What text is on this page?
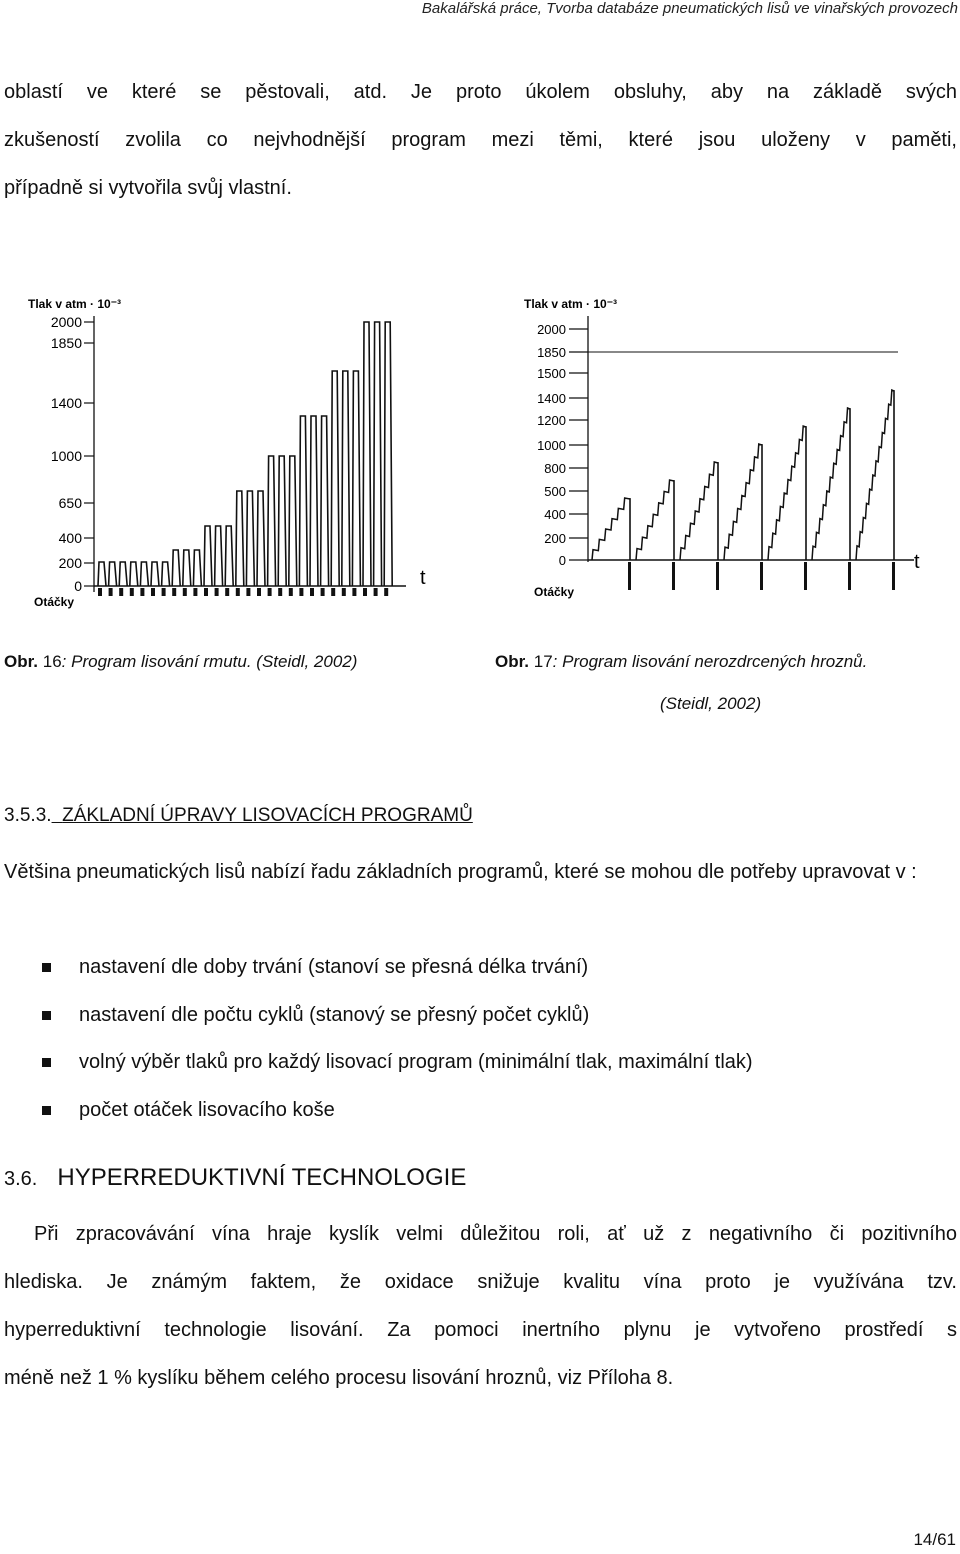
Bakalářská práce, Tvorba databáze pneumatických lisů ve vinařských provozech
oblastí ve které se pěstovali, atd. Je proto úkolem obsluhy, aby na základě svých
zkušeností zvolila co nejvhodnější program mezi těmi, které jsou uloženy v paměti,
případně si vytvořila svůj vlastní.
Tlak v atm · 10⁻³
2000
1850
1400
1000
650
400
200
0
Otáčky
t
Tlak v atm · 10⁻³
2000
1850
1500
1400
1200
1000
800
500
400
200
0
Otáčky
t
Obr. 16: Program lisování rmutu. (Steidl, 2002)	Obr. 17: Program lisování nerozdrcených hroznů.
(Steidl, 2002)
3.5.3. ZÁKLADNÍ ÚPRAVY LISOVACÍCH PROGRAMŮ
Většina pneumatických lisů nabízí řadu základních programů, které se mohou dle potřeby upravovat v :
nastavení dle doby trvání (stanoví se přesná délka trvání)
nastavení dle počtu cyklů (stanový se přesný počet cyklů)
volný výběr tlaků pro každý lisovací program (minimální tlak, maximální tlak)
počet otáček lisovacího koše
3.6. HYPERREDUKTIVNÍ TECHNOLOGIE
Při zpracovávání vína hraje kyslík velmi důležitou roli, ať už z negativního či pozitivního
hlediska. Je známým faktem, že oxidace snižuje kvalitu vína proto je využívána tzv.
hyperreduktivní technologie lisování. Za pomoci inertního plynu je vytvořeno prostředí s
méně než 1 % kyslíku během celého procesu lisování hroznů, viz Příloha 8.
14/61
